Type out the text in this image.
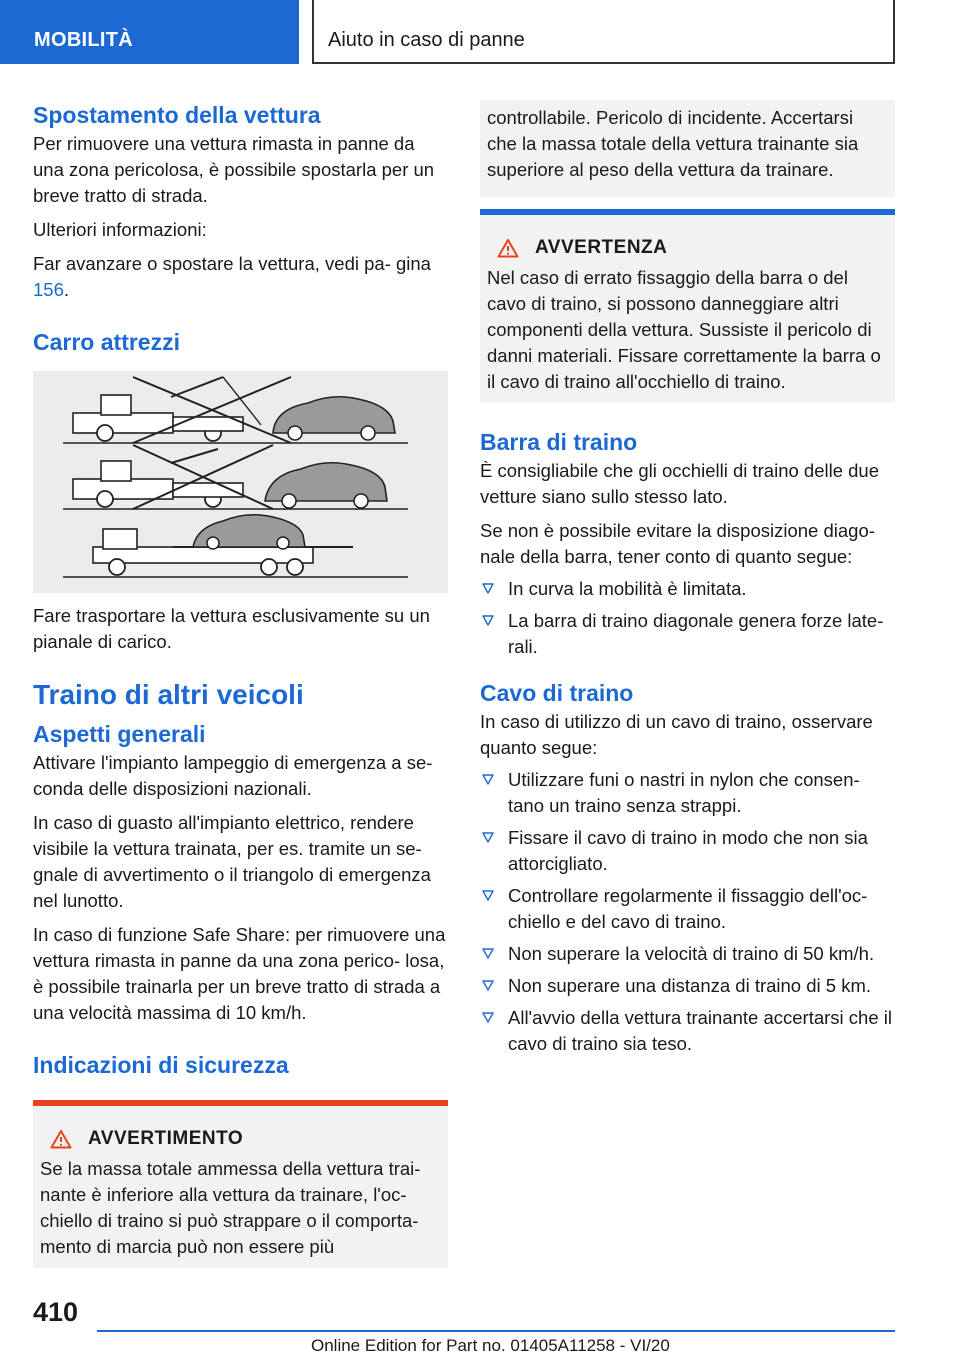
MOBILITÀ	Aiuto in caso di panne
Spostamento della vettura

Per rimuovere una vettura rimasta in panne da una zona pericolosa, è possibile spostarla per un breve tratto di strada.

Ulteriori informazioni:

Far avanzare o spostare la vettura, vedi pa‐ gina 156.

Carro attrezzi

Fare trasportare la vettura esclusivamente su un pianale di carico.

Traino di altri veicoli
Aspetti generali

Attivare l'impianto lampeggio di emergenza a se‐ conda delle disposizioni nazionali.

In caso di guasto all'impianto elettrico, rendere visibile la vettura trainata, per es. tramite un se‐ gnale di avvertimento o il triangolo di emergenza nel lunotto.

In caso di funzione Safe Share: per rimuovere una vettura rimasta in panne da una zona perico‐ losa, è possibile trainarla per un breve tratto di strada a una velocità massima di 10 km/h.

Indicazioni di sicurezza
AVVERTIMENTO

Se la massa totale ammessa della vettura trai‐ nante è inferiore alla vettura da trainare, l'oc‐ chiello di traino si può strappare o il comporta‐ mento di marcia può non essere più

controllabile. Pericolo di incidente. Accertarsi che la massa totale della vettura trainante sia superiore al peso della vettura da trainare.

AVVERTENZA

Nel caso di errato fissaggio della barra o del cavo di traino, si possono danneggiare altri componenti della vettura. Sussiste il pericolo di danni materiali. Fissare correttamente la barra o il cavo di traino all'occhiello di traino.

Barra di traino

È consigliabile che gli occhielli di traino delle due vetture siano sullo stesso lato.

Se non è possibile evitare la disposizione diago‐ nale della barra, tener conto di quanto segue:

In curva la mobilità è limitata.
La barra di traino diagonale genera forze late‐ rali.
Cavo di traino

In caso di utilizzo di un cavo di traino, osservare quanto segue:

Utilizzare funi o nastri in nylon che consen‐ tano un traino senza strappi.
Fissare il cavo di traino in modo che non sia attorcigliato.
Controllare regolarmente il fissaggio dell'oc‐ chiello e del cavo di traino.
Non superare la velocità di traino di 50 km/h.
Non superare una distanza di traino di 5 km.
All'avvio della vettura trainante accertarsi che il cavo di traino sia teso.
410
Online Edition for Part no. 01405A11258 - VI/20
